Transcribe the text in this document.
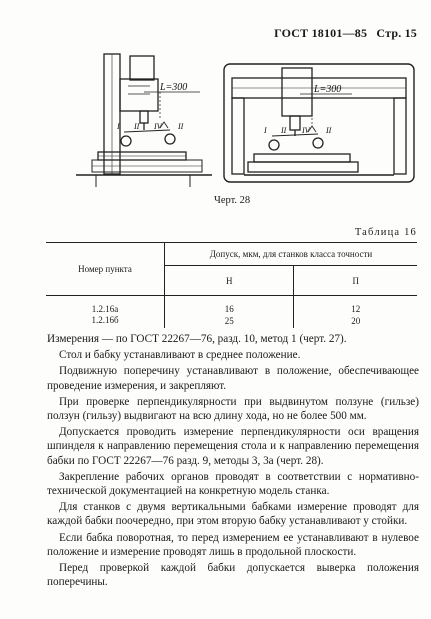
ГОСТ 18101—85 Стр. 15
L=300	L=300
I II IV II	I II IV II
Черт. 28
Таблица 16
Номер пункта	Допуск, мкм, для станков класса точности	
	Н	П
1.2.16а	16	12
1.2.16б	25	20

Измерения — по ГОСТ 22267—76, разд. 10, метод 1 (черт. 27).

Стол и бабку устанавливают в среднее положение.

Подвижную поперечину устанавливают в положение, обеспечивающее проведение измерения, и закрепляют.

При проверке перпендикулярности при выдвинутом ползуне (гильзе) ползун (гильзу) выдвигают на всю длину хода, но не более 500 мм.

Допускается проводить измерение перпендикулярности оси вращения шпинделя к направлению перемещения стола и к направлению перемещения бабки по ГОСТ 22267—76 разд. 9, методы 3, 3а (черт. 28).

Закрепление рабочих органов проводят в соответствии с нормативно-технической документацией на конкретную модель станка.

Для станков с двумя вертикальными бабками измерение проводят для каждой бабки поочередно, при этом вторую бабку устанавливают у стойки.

Если бабка поворотная, то перед измерением ее устанавливают в нулевое положение и измерение проводят лишь в продольной плоскости.

Перед проверкой каждой бабки допускается выверка положения поперечины.
